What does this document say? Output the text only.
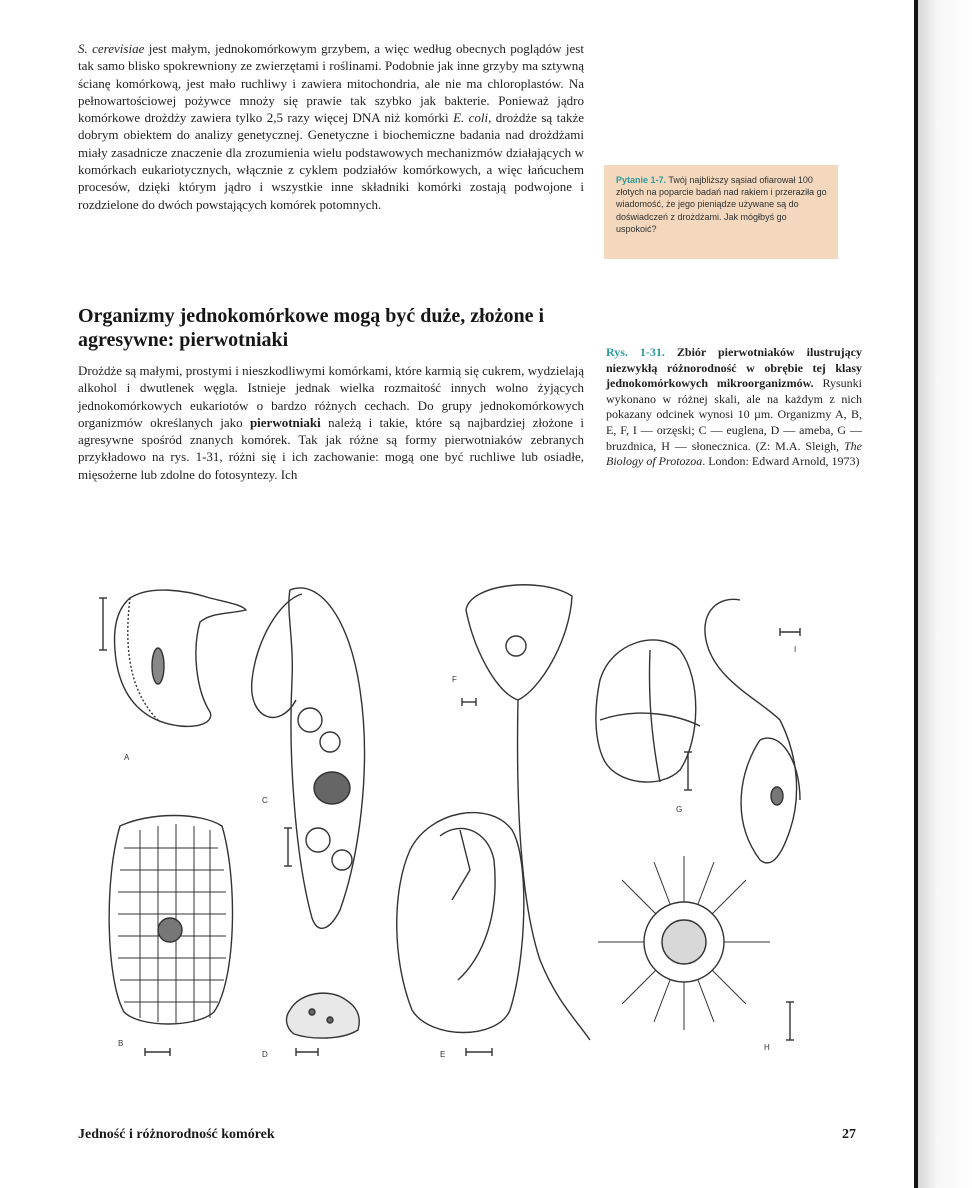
S. cerevisiae jest małym, jednokomórkowym grzybem, a więc według obecnych poglądów jest tak samo blisko spokrewniony ze zwierzętami i roślinami. Podobnie jak inne grzyby ma sztywną ścianę komórkową, jest mało ruchliwy i zawiera mitochondria, ale nie ma chloroplastów. Na pełnowartościowej pożywce mnoży się prawie tak szybko jak bakterie. Ponieważ jądro komórkowe drożdży zawiera tylko 2,5 razy więcej DNA niż komórki E. coli, drożdże są także dobrym obiektem do analizy genetycznej. Genetyczne i biochemiczne badania nad drożdżami miały zasadnicze znaczenie dla zrozumienia wielu podstawowych mechanizmów działających w komórkach eukariotycznych, włącznie z cyklem podziałów komórkowych, a więc łańcuchem procesów, dzięki którym jądro i wszystkie inne składniki komórki zostają podwojone i rozdzielone do dwóch powstających komórek potomnych.

Pytanie 1-7. Twój najbliższy sąsiad ofiarował 100 złotych na poparcie badań nad rakiem i przeraziła go wiadomość, że jego pieniądze używane są do doświadczeń z drożdżami. Jak mógłbyś go uspokoić?
Organizmy jednokomórkowe mogą być duże, złożone i agresywne: pierwotniaki

Drożdże są małymi, prostymi i nieszkodliwymi komórkami, które karmią się cukrem, wydzielają alkohol i dwutlenek węgla. Istnieje jednak wielka rozmaitość innych wolno żyjących jednokomórkowych eukariotów o bardzo różnych cechach. Do grupy jednokomórkowych organizmów określanych jako pierwotniaki należą i takie, które są najbardziej złożone i agresywne spośród znanych komórek. Tak jak różne są formy pierwotniaków zebranych przykładowo na rys. 1-31, różni się i ich zachowanie: mogą one być ruchliwe lub osiadłe, mięsożerne lub zdolne do fotosyntezy. Ich

Rys. 1-31. Zbiór pierwotniaków ilustrujący niezwykłą różnorodność w obrębie tej klasy jednokomórkowych mikroorganizmów. Rysunki wykonano w różnej skali, ale na każdym z nich pokazany odcinek wynosi 10 µm. Organizmy A, B, E, F, I — orzęski; C — euglena, D — ameba, G — bruzdnica, H — słonecznica. (Z: M.A. Sleigh, The Biology of Protozoa. London: Edward Arnold, 1973)
A
B
C
D	E
F
G
H
I
Jedność i różnorodność komórek	27
